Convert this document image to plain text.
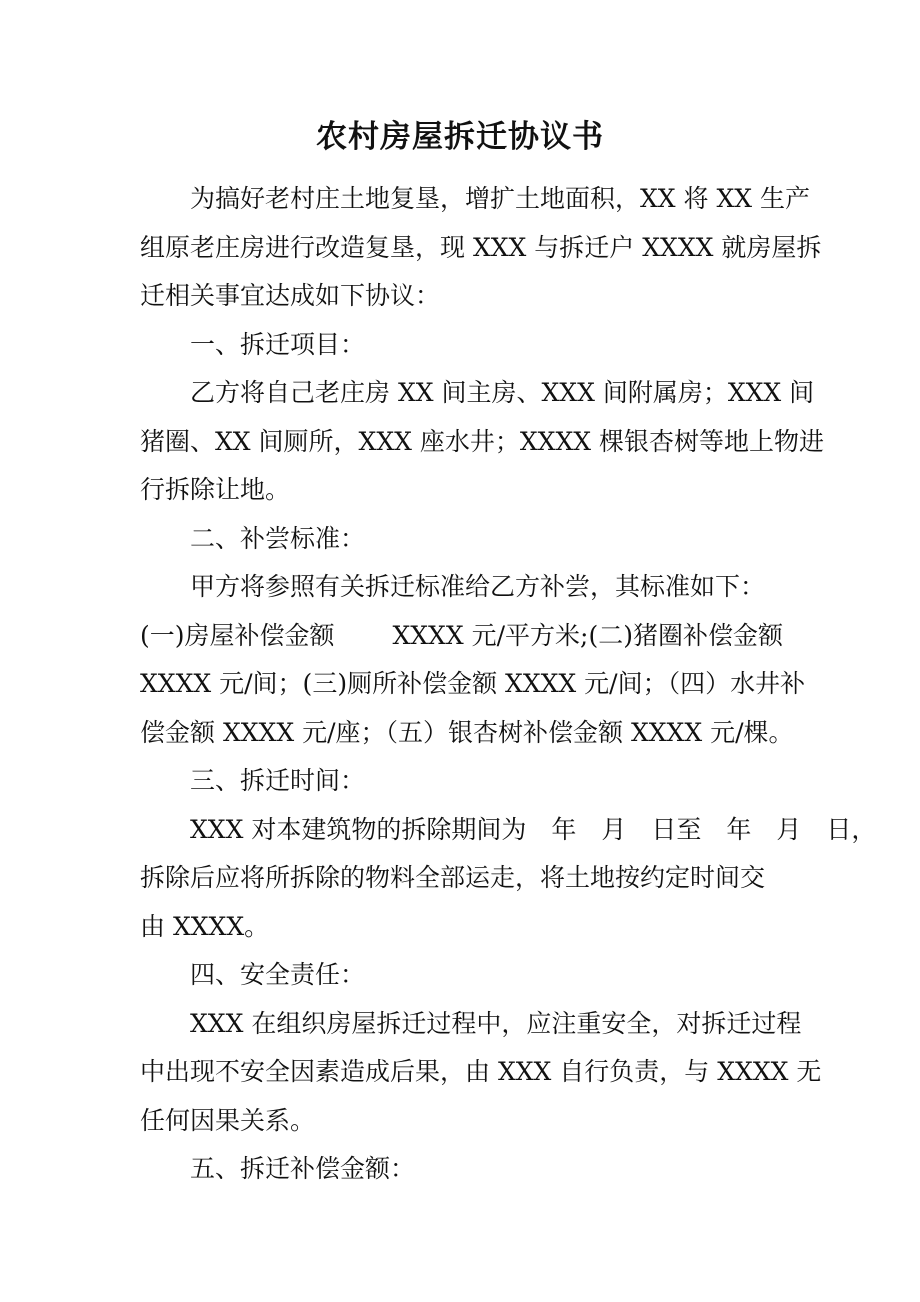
农村房屋拆迁协议书
为搞好老村庄土地复垦，增扩土地面积，XX 将 XX 生产
组原老庄房进行改造复垦，现 XXX 与拆迁户 XXXX 就房屋拆
迁相关事宜达成如下协议：
一、拆迁项目：
乙方将自己老庄房 XX 间主房、XXX 间附属房；XXX 间
猪圈、XX 间厕所，XXX 座水井；XXXX 棵银杏树等地上物进
行拆除让地。
二、补尝标准：
甲方将参照有关拆迁标准给乙方补尝，其标准如下：
(一)房屋补偿金额　　 XXXX 元/平方米;(二)猪圈补偿金额
XXXX 元/间；(三)厕所补偿金额 XXXX 元/间；（四）水井补
偿金额 XXXX 元/座；（五）银杏树补偿金额 XXXX 元/棵。
三、拆迁时间：
XXX 对本建筑物的拆除期间为　年　月　日至　年　月　日，
拆除后应将所拆除的物料全部运走，将土地按约定时间交
由 XXXX。
四、安全责任：
XXX 在组织房屋拆迁过程中，应注重安全，对拆迁过程
中出现不安全因素造成后果，由 XXX 自行负责，与 XXXX 无
任何因果关系。
五、拆迁补偿金额：
